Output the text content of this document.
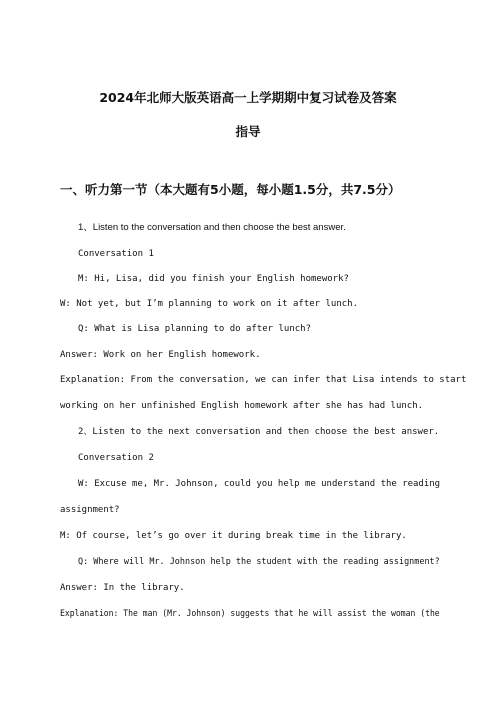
2024年北师大版英语高一上学期期中复习试卷及答案
指导
一、听力第一节（本大题有5小题，每小题1.5分，共7.5分）
1、Listen to the conversation and then choose the best answer.
Conversation 1
M: Hi, Lisa, did you finish your English homework?
W: Not yet, but I’m planning to work on it after lunch.
Q: What is Lisa planning to do after lunch?
Answer: Work on her English homework.
Explanation: From the conversation, we can infer that Lisa intends to start
working on her unfinished English homework after she has had lunch.
2、Listen to the next conversation and then choose the best answer.
Conversation 2
W: Excuse me, Mr. Johnson, could you help me understand the reading
assignment?
M: Of course, let’s go over it during break time in the library.
Q: Where will Mr. Johnson help the student with the reading assignment?
Answer: In the library.
Explanation: The man (Mr. Johnson) suggests that he will assist the woman (the
